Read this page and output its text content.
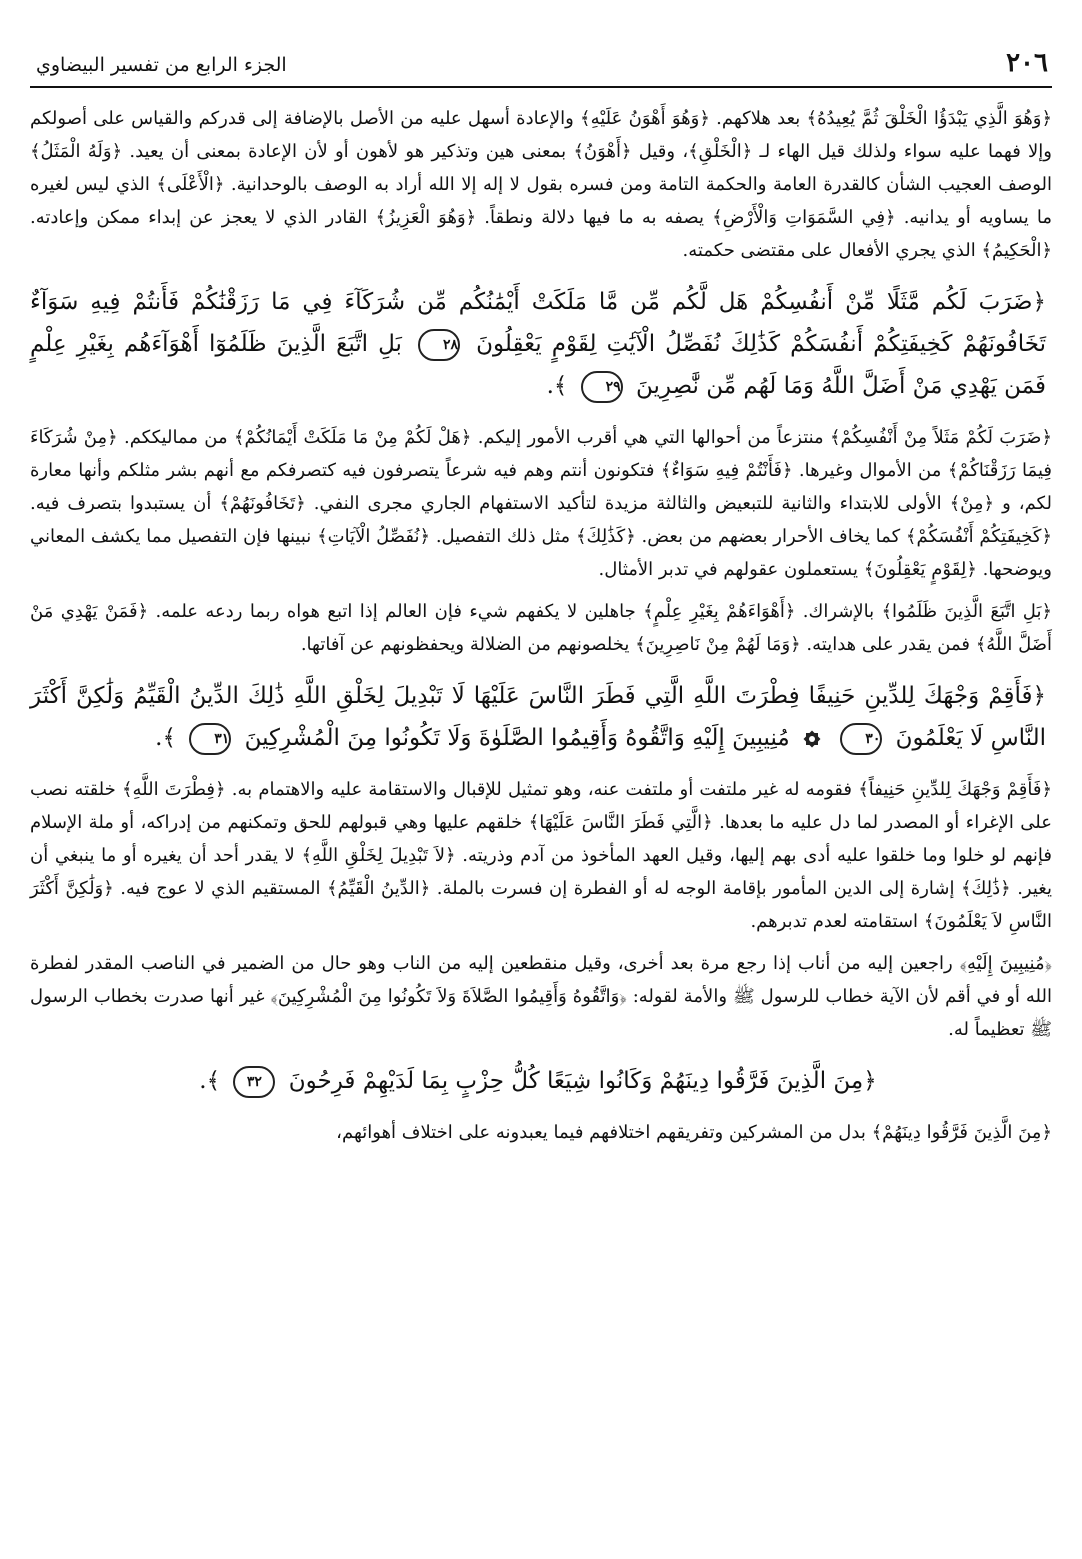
٢٠٦
الجزء الرابع من تفسير البيضاوي

﴿وَهُوَ الَّذِي يَبْدَؤُا الْخَلْقَ ثُمَّ يُعِيدُهُ﴾ بعد هلاكهم. ﴿وَهُوَ أَهْوَنُ عَلَيْهِ﴾ والإعادة أسهل عليه من الأصل بالإضافة إلى قدركم والقياس على أصولكم وإلا فهما عليه سواء ولذلك قيل الهاء لـ ﴿الْخَلْقِ﴾، وقيل ﴿أَهْوَنُ﴾ بمعنى هين وتذكير هو لأهون أو لأن الإعادة بمعنى أن يعيد. ﴿وَلَهُ الْمَثَلُ﴾ الوصف العجيب الشأن كالقدرة العامة والحكمة التامة ومن فسره بقول لا إله إلا الله أراد به الوصف بالوحدانية. ﴿الْأَعْلَى﴾ الذي ليس لغيره ما يساويه أو يدانيه. ﴿فِي السَّمَوَاتِ وَالْأَرْضِ﴾ يصفه به ما فيها دلالة ونطقاً. ﴿وَهُوَ الْعَزِيزُ﴾ القادر الذي لا يعجز عن إبداء ممكن وإعادته. ﴿الْحَكِيمُ﴾ الذي يجري الأفعال على مقتضى حكمته.

﴿ضَرَبَ لَكُم مَّثَلًا مِّنْ أَنفُسِكُمْ هَل لَّكُم مِّن مَّا مَلَكَتْ أَيْمَٰنُكُم مِّن شُرَكَآءَ فِي مَا رَزَقْنَٰكُمْ فَأَنتُمْ فِيهِ سَوَآءٌ تَخَافُونَهُمْ كَخِيفَتِكُمْ أَنفُسَكُمْ كَذَٰلِكَ نُفَصِّلُ الْآيَٰتِ لِقَوْمٍ يَعْقِلُونَ ٢٨ بَلِ اتَّبَعَ الَّذِينَ ظَلَمُوٓا أَهْوَآءَهُم بِغَيْرِ عِلْمٍ فَمَن يَهْدِي مَنْ أَضَلَّ اللَّهُ وَمَا لَهُم مِّن نَّٰصِرِينَ ٢٩ ﴾.

﴿ضَرَبَ لَكُمْ مَثَلاً مِنْ أَنْفُسِكُمْ﴾ منتزعاً من أحوالها التي هي أقرب الأمور إليكم. ﴿هَلْ لَكُمْ مِنْ مَا مَلَكَتْ أَيْمَانُكُمْ﴾ من مماليككم. ﴿مِنْ شُرَكَاءَ فِيمَا رَزَقْنَاكُمْ﴾ من الأموال وغيرها. ﴿فَأَنْتُمْ فِيهِ سَوَاءٌ﴾ فتكونون أنتم وهم فيه شرعاً يتصرفون فيه كتصرفكم مع أنهم بشر مثلكم وأنها معارة لكم، و ﴿مِنْ﴾ الأولى للابتداء والثانية للتبعيض والثالثة مزيدة لتأكيد الاستفهام الجاري مجرى النفي. ﴿تَخَافُونَهُمْ﴾ أن يستبدوا بتصرف فيه. ﴿كَخِيفَتِكُمْ أَنْفُسَكُمْ﴾ كما يخاف الأحرار بعضهم من بعض. ﴿كَذَٰلِكَ﴾ مثل ذلك التفصيل. ﴿نُفَصِّلُ الْآيَاتِ﴾ نبينها فإن التفصيل مما يكشف المعاني ويوضحها. ﴿لِقَوْمٍ يَعْقِلُونَ﴾ يستعملون عقولهم في تدبر الأمثال.

﴿بَلِ اتَّبَعَ الَّذِينَ ظَلَمُوا﴾ بالإشراك. ﴿أَهْوَاءَهُمْ بِغَيْرِ عِلْمٍ﴾ جاهلين لا يكفهم شيء فإن العالم إذا اتبع هواه ربما ردعه علمه. ﴿فَمَنْ يَهْدِي مَنْ أَضَلَّ اللَّهُ﴾ فمن يقدر على هدايته. ﴿وَمَا لَهُمْ مِنْ نَاصِرِينَ﴾ يخلصونهم من الضلالة ويحفظونهم عن آفاتها.

﴿فَأَقِمْ وَجْهَكَ لِلدِّينِ حَنِيفًا فِطْرَتَ اللَّهِ الَّتِي فَطَرَ النَّاسَ عَلَيْهَا لَا تَبْدِيلَ لِخَلْقِ اللَّهِ ذَٰلِكَ الدِّينُ الْقَيِّمُ وَلَٰكِنَّ أَكْثَرَ النَّاسِ لَا يَعْلَمُونَ ٣٠  مُنِيبِينَ إِلَيْهِ وَاتَّقُوهُ وَأَقِيمُوا الصَّلَوٰةَ وَلَا تَكُونُوا مِنَ الْمُشْرِكِينَ ٣١ ﴾.

﴿فَأَقِمْ وَجْهَكَ لِلدِّينِ حَنِيفاً﴾ فقومه له غير ملتفت أو ملتفت عنه، وهو تمثيل للإقبال والاستقامة عليه والاهتمام به. ﴿فِطْرَتَ اللَّهِ﴾ خلقته نصب على الإغراء أو المصدر لما دل عليه ما بعدها. ﴿الَّتِي فَطَرَ النَّاسَ عَلَيْهَا﴾ خلقهم عليها وهي قبولهم للحق وتمكنهم من إدراكه، أو ملة الإسلام فإنهم لو خلوا وما خلقوا عليه أدى بهم إليها، وقيل العهد المأخوذ من آدم وذريته. ﴿لاَ تَبْدِيلَ لِخَلْقِ اللَّهِ﴾ لا يقدر أحد أن يغيره أو ما ينبغي أن يغير. ﴿ذَٰلِكَ﴾ إشارة إلى الدين المأمور بإقامة الوجه له أو الفطرة إن فسرت بالملة. ﴿الدِّينُ الْقَيِّمُ﴾ المستقيم الذي لا عوج فيه. ﴿وَلَٰكِنَّ أَكْثَرَ النَّاسِ لاَ يَعْلَمُونَ﴾ استقامته لعدم تدبرهم.

﴿مُنِيبِينَ إِلَيْهِ﴾ راجعين إليه من أناب إذا رجع مرة بعد أخرى، وقيل منقطعين إليه من الناب وهو حال من الضمير في الناصب المقدر لفطرة الله أو في أقم لأن الآية خطاب للرسول ﷺ والأمة لقوله: ﴿وَاتَّقُوهُ وَأَقِيمُوا الصَّلاَةَ وَلاَ تَكُونُوا مِنَ الْمُشْرِكِينَ﴾ غير أنها صدرت بخطاب الرسول ﷺ تعظيماً له.

﴿مِنَ الَّذِينَ فَرَّقُوا دِينَهُمْ وَكَانُوا شِيَعًا كُلُّ حِزْبٍ بِمَا لَدَيْهِمْ فَرِحُونَ ٣٢ ﴾.

﴿مِنَ الَّذِينَ فَرَّقُوا دِينَهُمْ﴾ بدل من المشركين وتفريقهم اختلافهم فيما يعبدونه على اختلاف أهوائهم،
